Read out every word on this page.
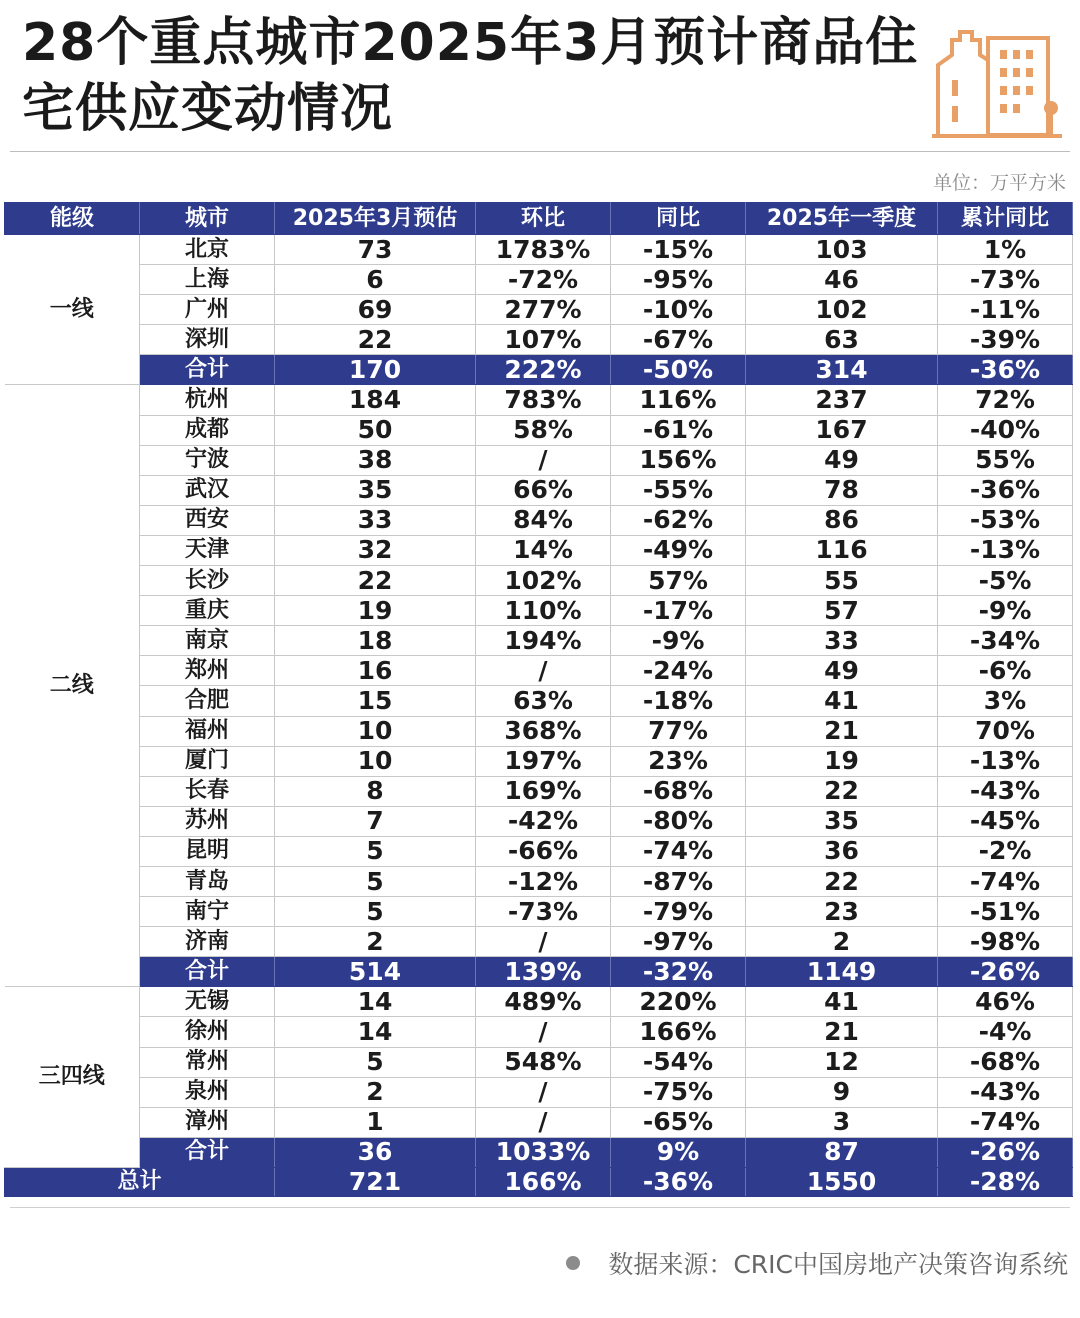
28个重点城市2025年3月预计商品住宅供应变动情况
单位：万平方米
能级	城市	2025年3月预估	环比	同比	2025年一季度	累计同比
一线	北京	73	1783%	-15%	103	1%
	上海	6	-72%	-95%	46	-73%
	广州	69	277%	-10%	102	-11%
	深圳	22	107%	-67%	63	-39%
	合计	170	222%	-50%	314	-36%
二线	杭州	184	783%	116%	237	72%
	成都	50	58%	-61%	167	-40%
	宁波	38	/	156%	49	55%
	武汉	35	66%	-55%	78	-36%
	西安	33	84%	-62%	86	-53%
	天津	32	14%	-49%	116	-13%
	长沙	22	102%	57%	55	-5%
	重庆	19	110%	-17%	57	-9%
	南京	18	194%	-9%	33	-34%
	郑州	16	/	-24%	49	-6%
	合肥	15	63%	-18%	41	3%
	福州	10	368%	77%	21	70%
	厦门	10	197%	23%	19	-13%
	长春	8	169%	-68%	22	-43%
	苏州	7	-42%	-80%	35	-45%
	昆明	5	-66%	-74%	36	-2%
	青岛	5	-12%	-87%	22	-74%
	南宁	5	-73%	-79%	23	-51%
	济南	2	/	-97%	2	-98%
	合计	514	139%	-32%	1149	-26%
三四线	无锡	14	489%	220%	41	46%
	徐州	14	/	166%	21	-4%
	常州	5	548%	-54%	12	-68%
	泉州	2	/	-75%	9	-43%
	漳州	1	/	-65%	3	-74%
	合计	36	1033%	9%	87	-26%
总计		721	166%	-36%	1550	-28%
数据来源：CRIC中国房地产决策咨询系统
